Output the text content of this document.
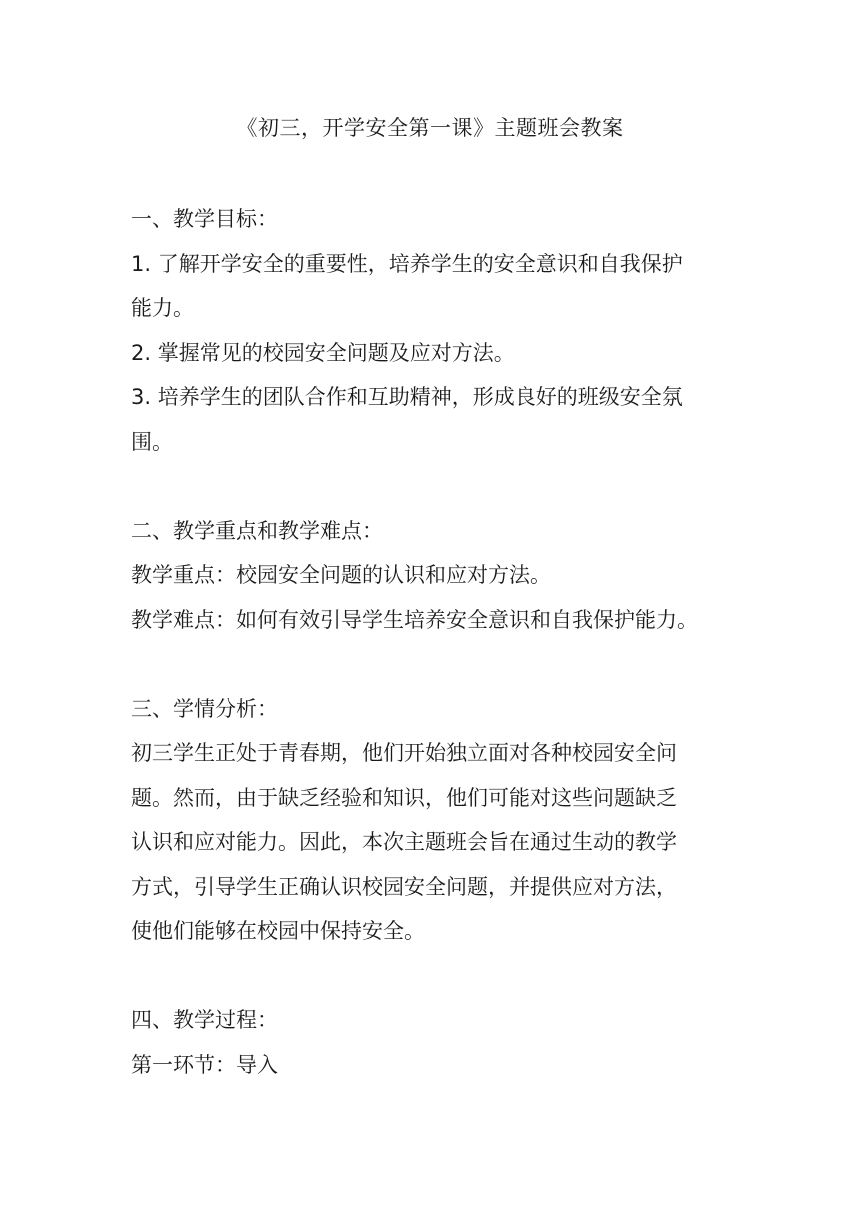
《初三，开学安全第一课》主题班会教案
一、教学目标：
1. 了解开学安全的重要性，培养学生的安全意识和自我保护
能力。
2. 掌握常见的校园安全问题及应对方法。
3. 培养学生的团队合作和互助精神，形成良好的班级安全氛
围。
二、教学重点和教学难点：
教学重点：校园安全问题的认识和应对方法。
教学难点：如何有效引导学生培养安全意识和自我保护能力。
三、学情分析：
初三学生正处于青春期，他们开始独立面对各种校园安全问
题。然而，由于缺乏经验和知识，他们可能对这些问题缺乏
认识和应对能力。因此，本次主题班会旨在通过生动的教学
方式，引导学生正确认识校园安全问题，并提供应对方法，
使他们能够在校园中保持安全。
四、教学过程：
第一环节：导入
